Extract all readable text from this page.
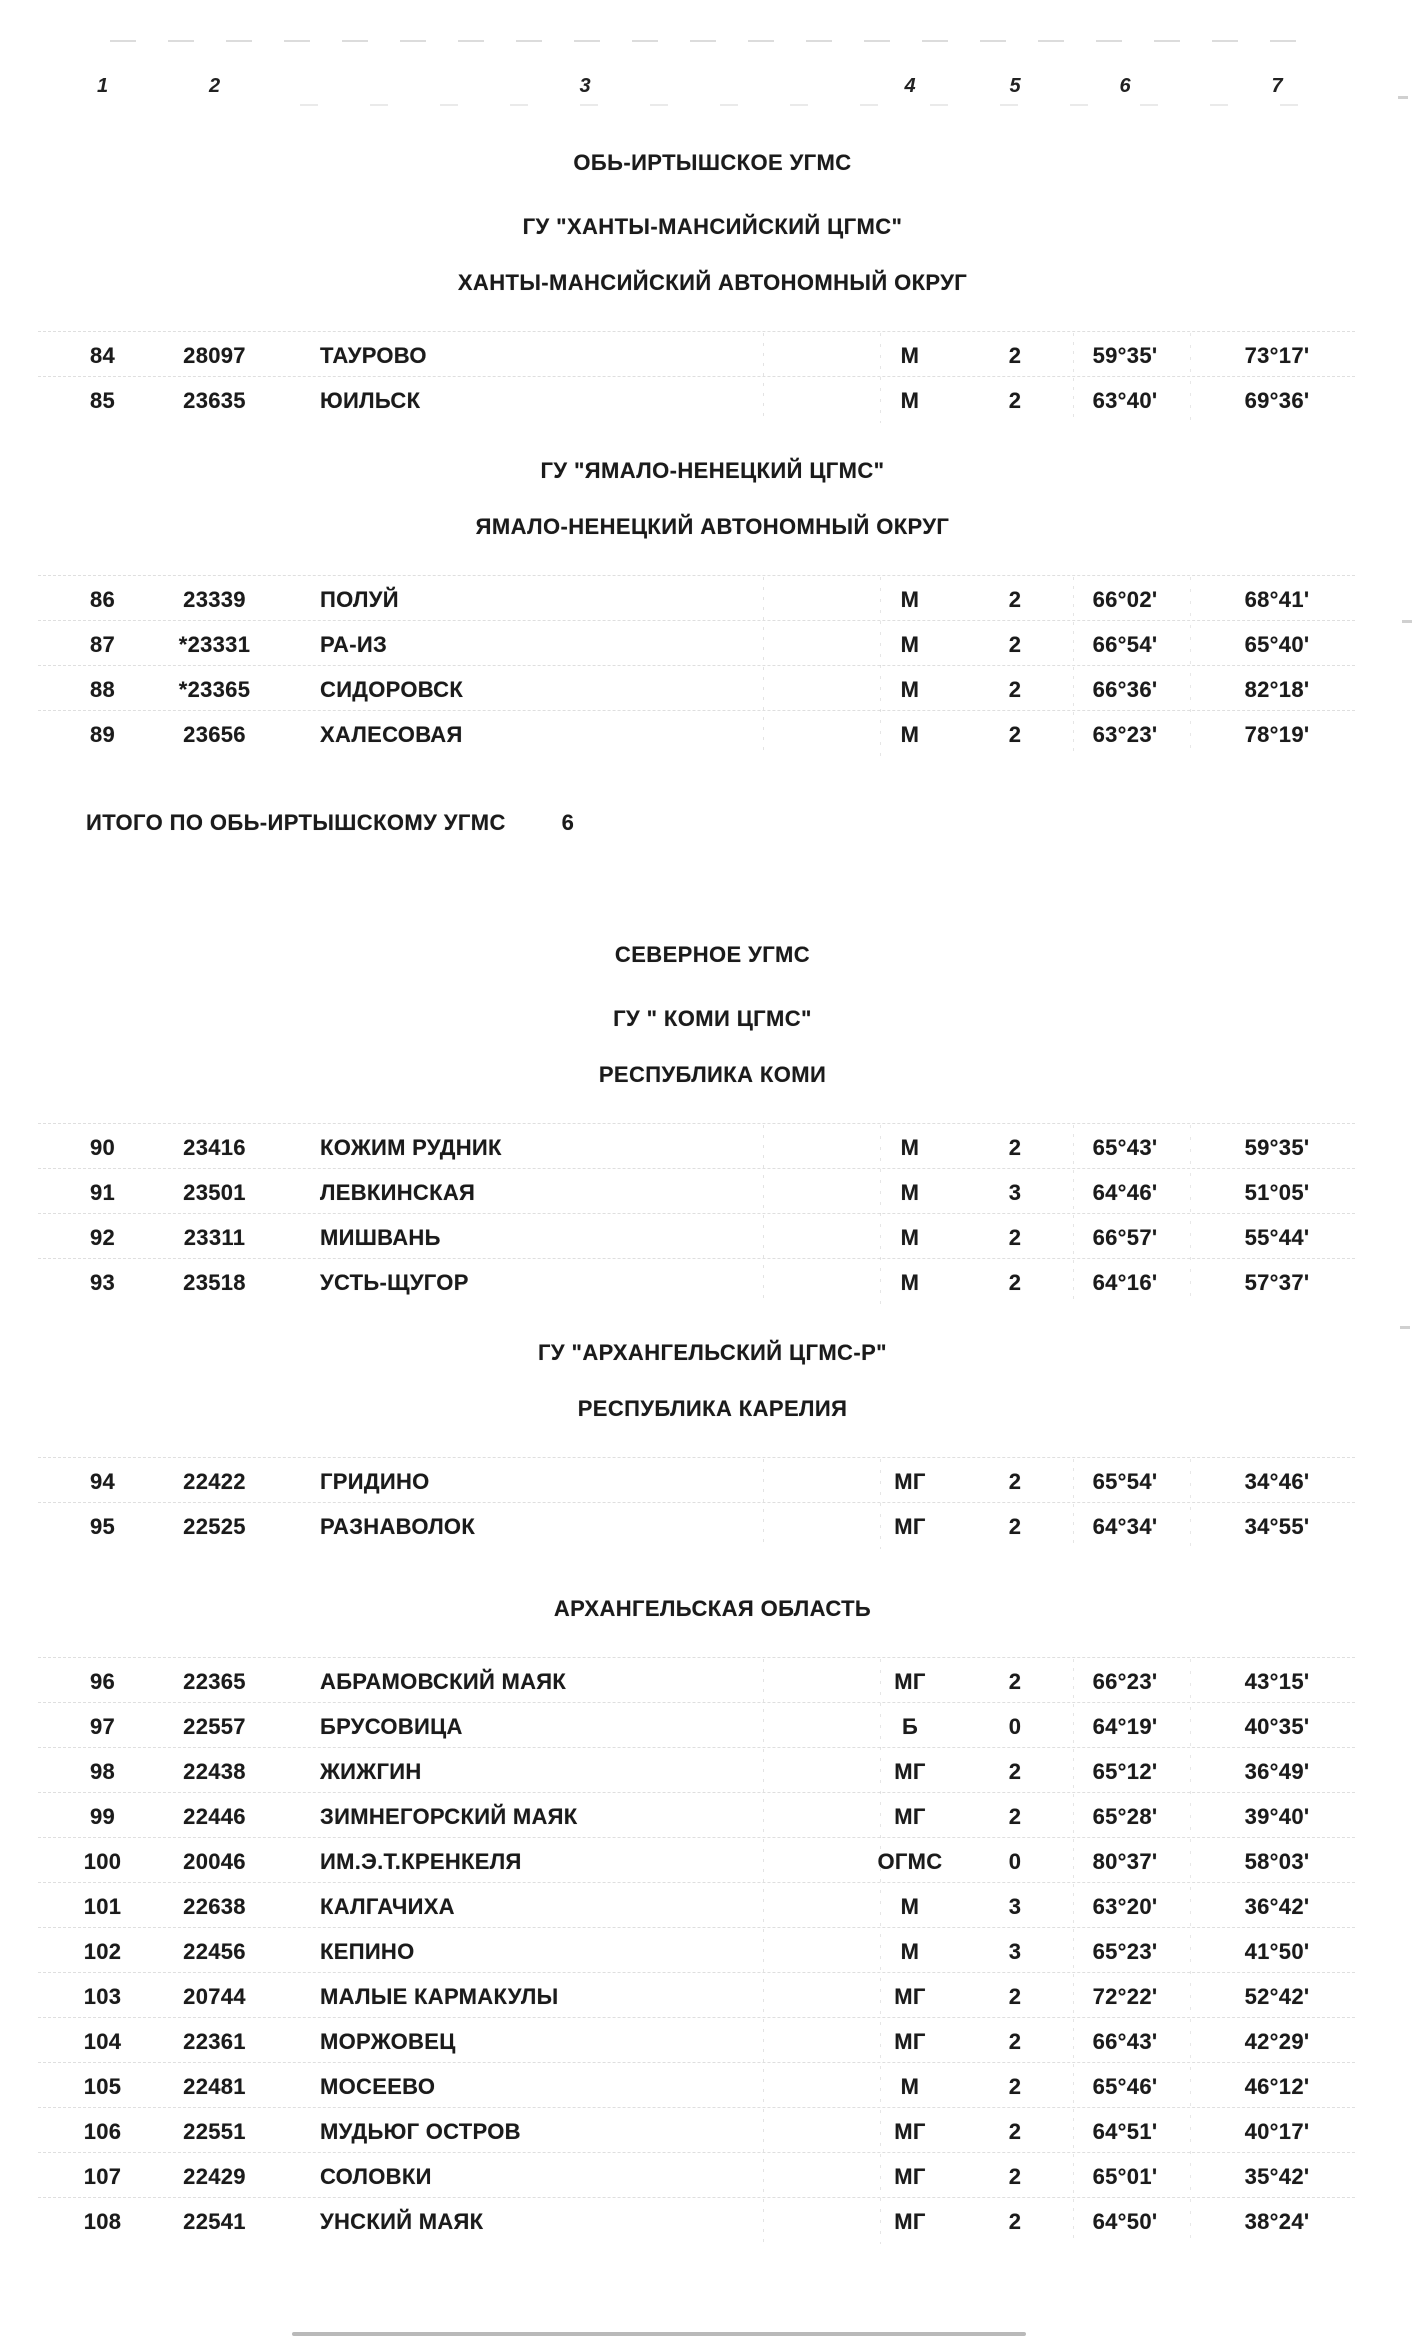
1	2	3	4	5	6	7
ОБЬ-ИРТЫШСКОЕ УГМС
ГУ "ХАНТЫ-МАНСИЙСКИЙ ЦГМС"
ХАНТЫ-МАНСИЙСКИЙ АВТОНОМНЫЙ ОКРУГ
84	28097	ТАУРОВО	М	2	59°35'	73°17'
85	23635	ЮИЛЬСК	М	2	63°40'	69°36'
ГУ "ЯМАЛО-НЕНЕЦКИЙ ЦГМС"
ЯМАЛО-НЕНЕЦКИЙ АВТОНОМНЫЙ ОКРУГ
86	23339	ПОЛУЙ	М	2	66°02'	68°41'
87	*23331	РА-ИЗ	М	2	66°54'	65°40'
88	*23365	СИДОРОВСК	М	2	66°36'	82°18'
89	23656	ХАЛЕСОВАЯ	М	2	63°23'	78°19'
ИТОГО ПО ОБЬ-ИРТЫШСКОМУ УГМС	6
СЕВЕРНОЕ УГМС
ГУ " КОМИ ЦГМС"
РЕСПУБЛИКА КОМИ
90	23416	КОЖИМ РУДНИК	М	2	65°43'	59°35'
91	23501	ЛЕВКИНСКАЯ	М	3	64°46'	51°05'
92	23311	МИШВАНЬ	М	2	66°57'	55°44'
93	23518	УСТЬ-ЩУГОР	М	2	64°16'	57°37'
ГУ "АРХАНГЕЛЬСКИЙ ЦГМС-Р"
РЕСПУБЛИКА КАРЕЛИЯ
94	22422	ГРИДИНО	МГ	2	65°54'	34°46'
95	22525	РАЗНАВОЛОК	МГ	2	64°34'	34°55'
АРХАНГЕЛЬСКАЯ ОБЛАСТЬ
96	22365	АБРАМОВСКИЙ МАЯК	МГ	2	66°23'	43°15'
97	22557	БРУСОВИЦА	Б	0	64°19'	40°35'
98	22438	ЖИЖГИН	МГ	2	65°12'	36°49'
99	22446	ЗИМНЕГОРСКИЙ МАЯК	МГ	2	65°28'	39°40'
100	20046	ИМ.Э.Т.КРЕНКЕЛЯ	ОГМС	0	80°37'	58°03'
101	22638	КАЛГАЧИХА	М	3	63°20'	36°42'
102	22456	КЕПИНО	М	3	65°23'	41°50'
103	20744	МАЛЫЕ КАРМАКУЛЫ	МГ	2	72°22'	52°42'
104	22361	МОРЖОВЕЦ	МГ	2	66°43'	42°29'
105	22481	МОСЕЕВО	М	2	65°46'	46°12'
106	22551	МУДЬЮГ ОСТРОВ	МГ	2	64°51'	40°17'
107	22429	СОЛОВКИ	МГ	2	65°01'	35°42'
108	22541	УНСКИЙ МАЯК	МГ	2	64°50'	38°24'
